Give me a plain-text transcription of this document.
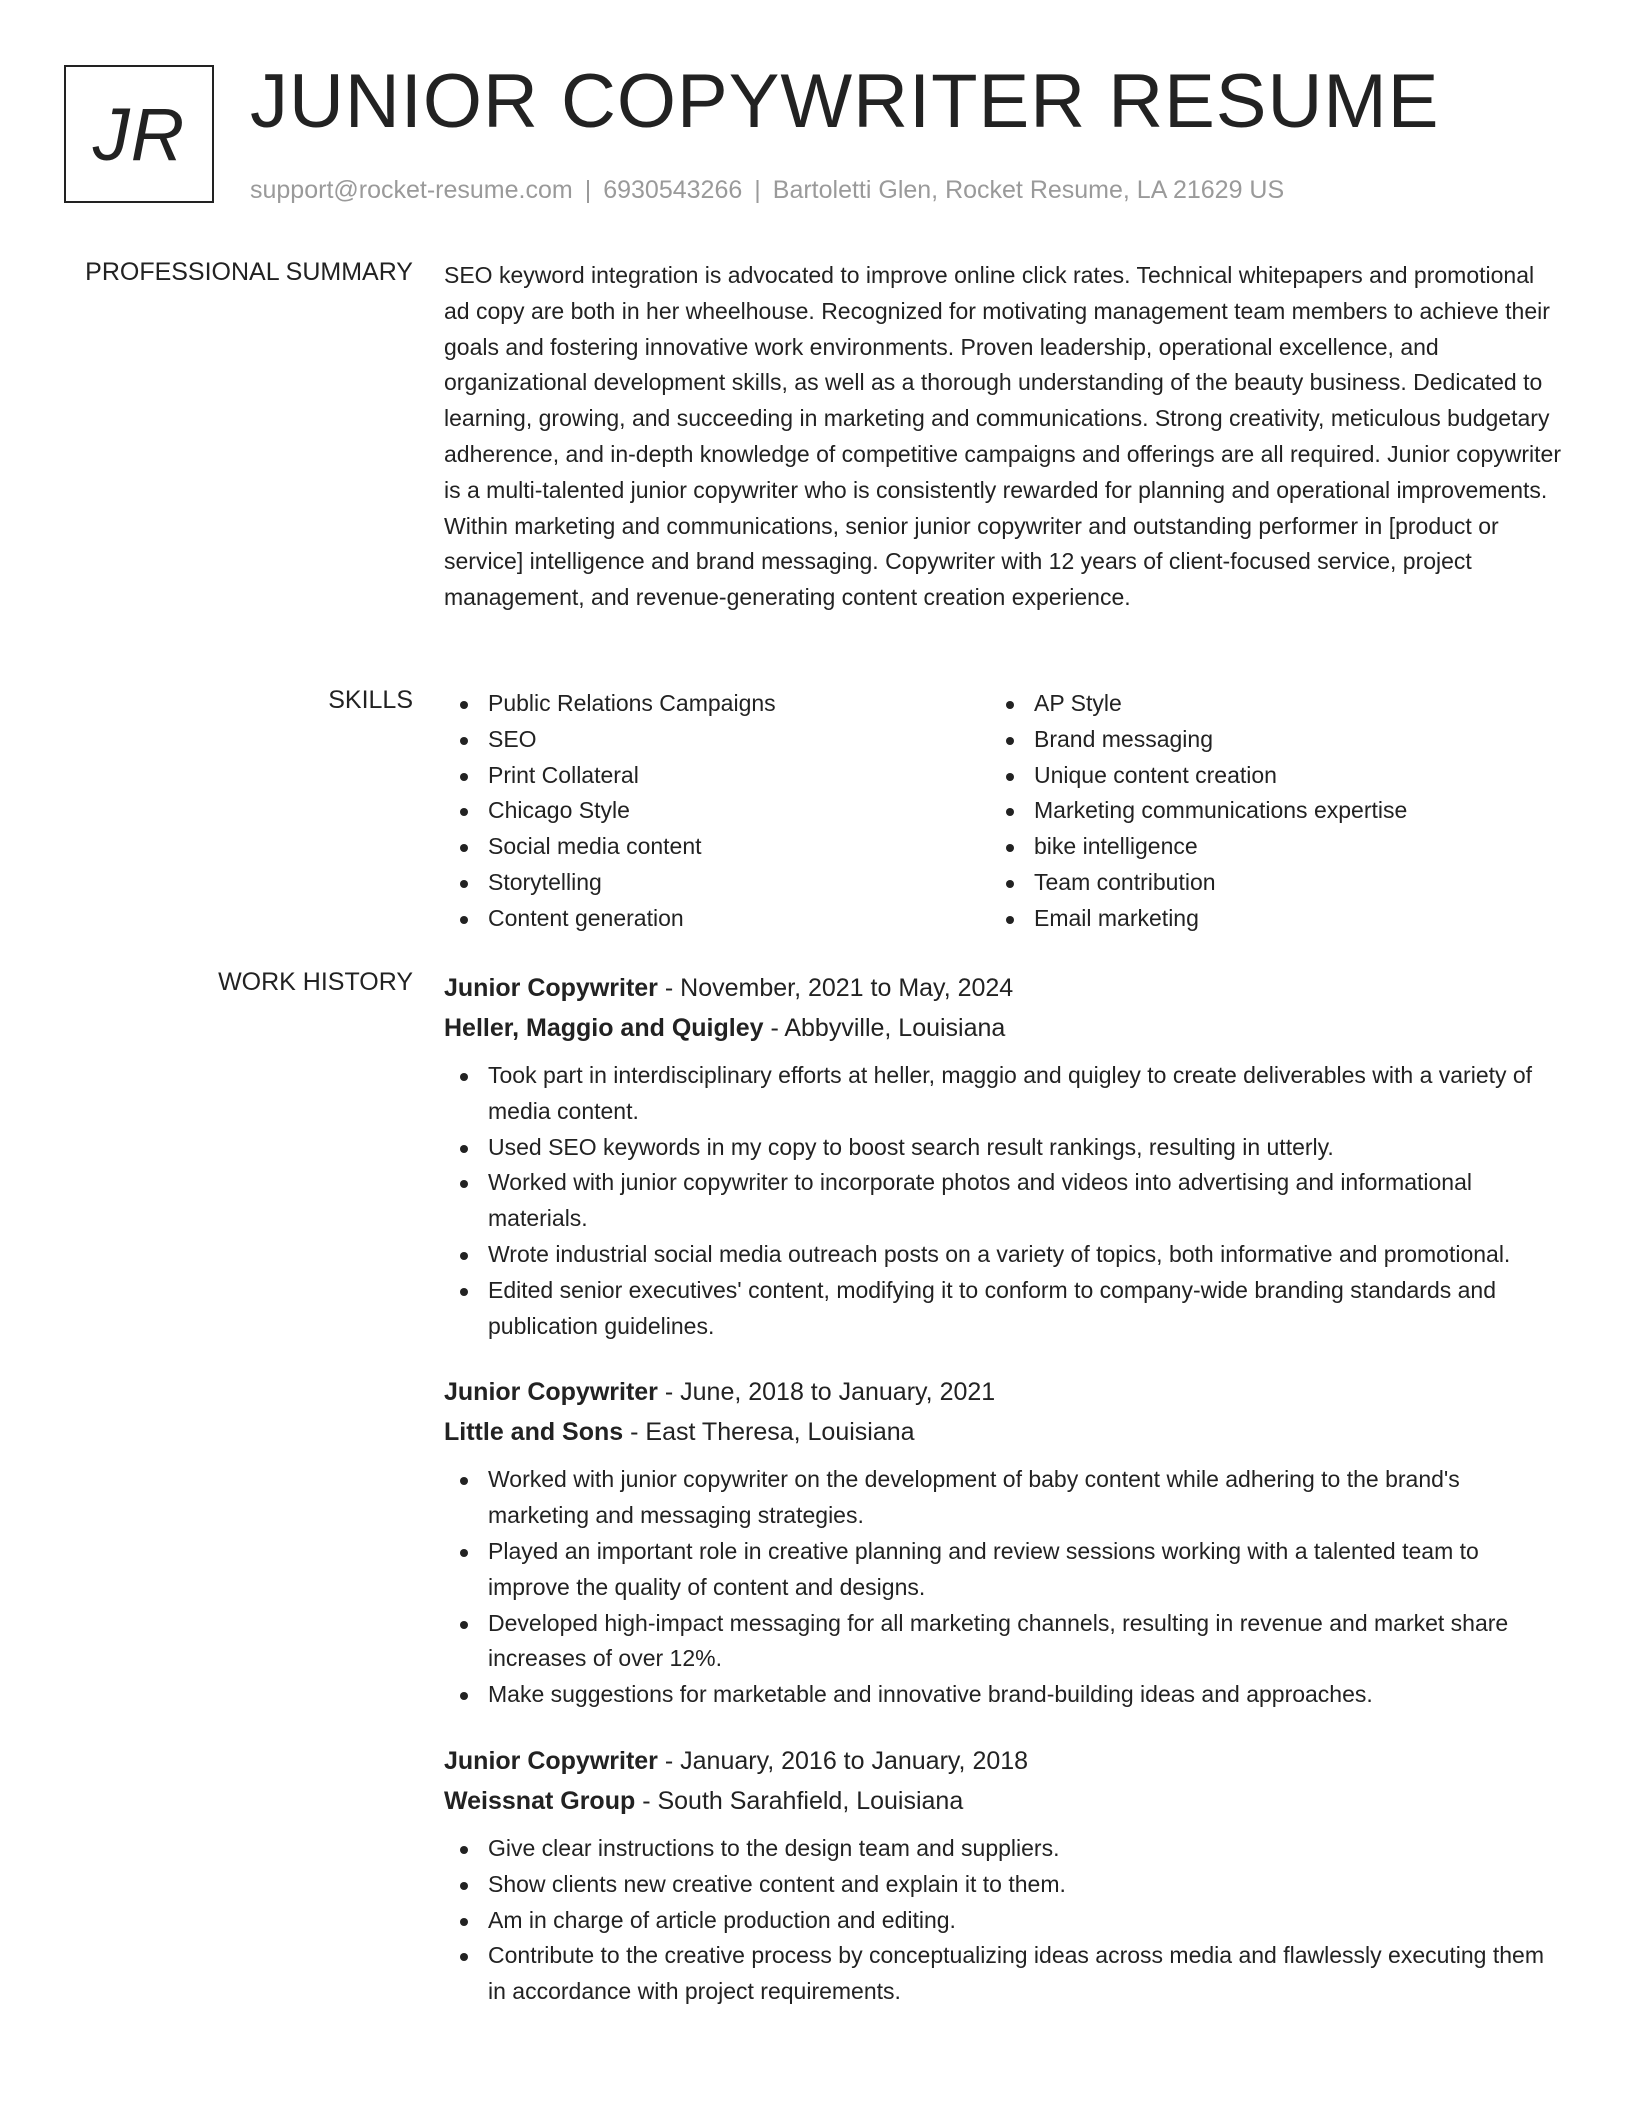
JR JUNIOR COPYWRITER RESUME
support@rocket-resume.com | 6930543266 | Bartoletti Glen, Rocket Resume, LA 21629 US
PROFESSIONAL SUMMARY SEO keyword integration is advocated to improve online click rates. Technical whitepapers and promotional ad copy are both in her wheelhouse. Recognized for motivating management team members to achieve their goals and fostering innovative work environments. Proven leadership, operational excellence, and organizational development skills, as well as a thorough understanding of the beauty business. Dedicated to learning, growing, and succeeding in marketing and communications. Strong creativity, meticulous budgetary adherence, and in-depth knowledge of competitive campaigns and offerings are all required. Junior copywriter is a multi-talented junior copywriter who is consistently rewarded for planning and operational improvements. Within marketing and communications, senior junior copywriter and outstanding performer in [product or service] intelligence and brand messaging. Copywriter with 12 years of client-focused service, project management, and revenue-generating content creation experience.

SKILLS	Public Relations Campaigns
SEO
Print Collateral
Chicago Style
Social media content
Storytelling
Content generation
AP Style
Brand messaging
Unique content creation
Marketing communications expertise
bike intelligence
Team contribution
Email marketing
WORK HISTORY Junior Copywriter - November, 2021 to May, 2024
Heller, Maggio and Quigley - Abbyville, Louisiana
Took part in interdisciplinary efforts at heller, maggio and quigley to create deliverables with a variety of media content.
Used SEO keywords in my copy to boost search result rankings, resulting in utterly.
Worked with junior copywriter to incorporate photos and videos into advertising and informational materials.
Wrote industrial social media outreach posts on a variety of topics, both informative and promotional.
Edited senior executives' content, modifying it to conform to company-wide branding standards and publication guidelines.
Junior Copywriter - June, 2018 to January, 2021
Little and Sons - East Theresa, Louisiana
Worked with junior copywriter on the development of baby content while adhering to the brand's marketing and messaging strategies.
Played an important role in creative planning and review sessions working with a talented team to improve the quality of content and designs.
Developed high-impact messaging for all marketing channels, resulting in revenue and market share increases of over 12%.
Make suggestions for marketable and innovative brand-building ideas and approaches.
Junior Copywriter - January, 2016 to January, 2018
Weissnat Group - South Sarahfield, Louisiana
Give clear instructions to the design team and suppliers.
Show clients new creative content and explain it to them.
Am in charge of article production and editing.
Contribute to the creative process by conceptualizing ideas across media and flawlessly executing them in accordance with project requirements.
